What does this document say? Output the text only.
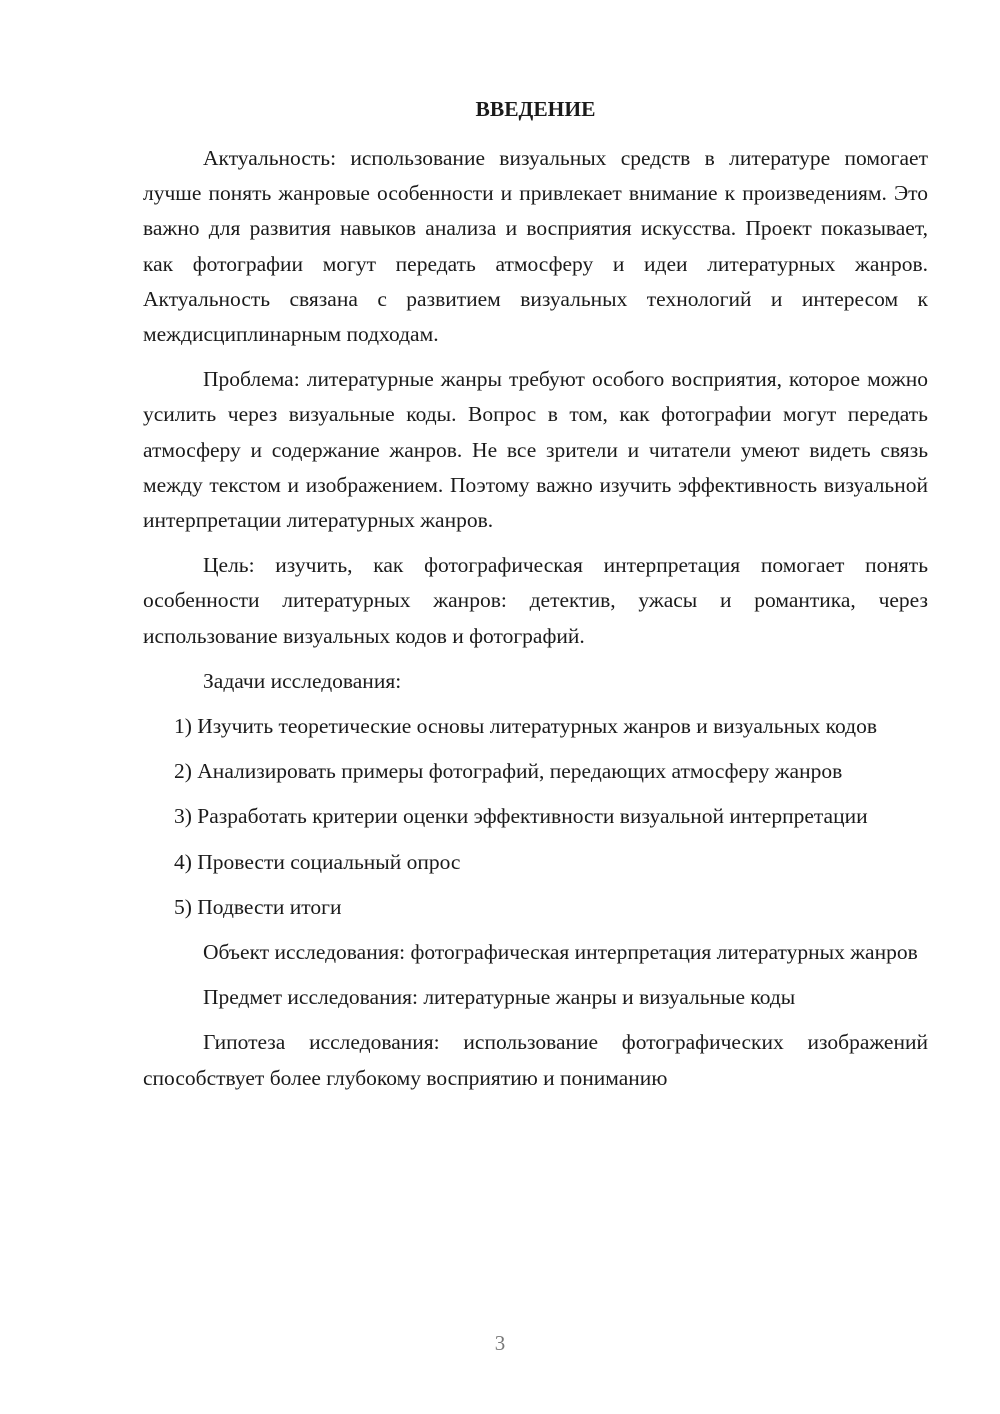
ВВЕДЕНИЕ

Актуальность: использование визуальных средств в литературе помогает лучше понять жанровые особенности и привлекает внимание к произведениям. Это важно для развития навыков анализа и восприятия искусства. Проект показывает, как фотографии могут передать атмосферу и идеи литературных жанров. Актуальность связана с развитием визуальных технологий и интересом к междисциплинарным подходам.

Проблема: литературные жанры требуют особого восприятия, которое можно усилить через визуальные коды. Вопрос в том, как фотографии могут передать атмосферу и содержание жанров. Не все зрители и читатели умеют видеть связь между текстом и изображением. Поэтому важно изучить эффективность визуальной интерпретации литературных жанров.

Цель: изучить, как фотографическая интерпретация помогает понять особенности литературных жанров: детектив, ужасы и романтика, через использование визуальных кодов и фотографий.

Задачи исследования:

1) Изучить теоретические основы литературных жанров и визуальных кодов

2) Анализировать примеры фотографий, передающих атмосферу жанров

3) Разработать критерии оценки эффективности визуальной интерпретации

4) Провести социальный опрос

5) Подвести итоги

Объект исследования: фотографическая интерпретация литературных жанров

Предмет исследования: литературные жанры и визуальные коды

Гипотеза исследования: использование фотографических изображений способствует более глубокому восприятию и пониманию

3
